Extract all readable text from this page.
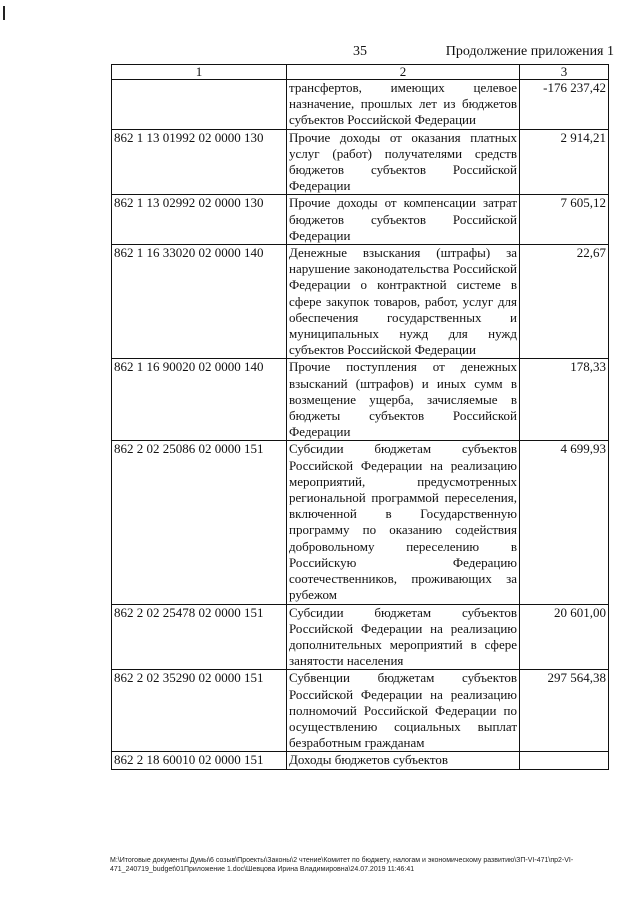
35	Продолжение приложения 1
1	2	3
	трансфертов, имеющих целевое назначение, прошлых лет из бюджетов субъектов Российской Федерации	-176 237,42
862 1 13 01992 02 0000 130	Прочие доходы от оказания платных услуг (работ) получателями средств бюджетов субъектов Российской Федерации	2 914,21
862 1 13 02992 02 0000 130	Прочие доходы от компенсации затрат бюджетов субъектов Российской Федерации	7 605,12
862 1 16 33020 02 0000 140	Денежные взыскания (штрафы) за нарушение законодательства Российской Федерации о контрактной системе в сфере закупок товаров, работ, услуг для обеспечения государственных и муниципальных нужд для нужд субъектов Российской Федерации	22,67
862 1 16 90020 02 0000 140	Прочие поступления от денежных взысканий (штрафов) и иных сумм в возмещение ущерба, зачисляемые в бюджеты субъектов Российской Федерации	178,33
862 2 02 25086 02 0000 151	Субсидии бюджетам субъектов Российской Федерации на реализацию мероприятий, предусмотренных региональной программой переселения, включенной в Государственную программу по оказанию содействия добровольному переселению в Российскую Федерацию соотечественников, проживающих за рубежом	4 699,93
862 2 02 25478 02 0000 151	Субсидии бюджетам субъектов Российской Федерации на реализацию дополнительных мероприятий в сфере занятости населения	20 601,00
862 2 02 35290 02 0000 151	Субвенции бюджетам субъектов Российской Федерации на реализацию полномочий Российской Федерации по осуществлению социальных выплат безработным гражданам	297 564,38
862 2 18 60010 02 0000 151	Доходы бюджетов субъектов	
М:\Итоговые документы Думы\6 созыв\Проекты\Законы\2 чтение\Комитет по бюджету, налогам и экономическому развитию\ЗП-VI-471\пр2-VI-471_240719_budget\01Приложение 1.doc\Шевцова Ирина Владимировна\24.07.2019 11:46:41
